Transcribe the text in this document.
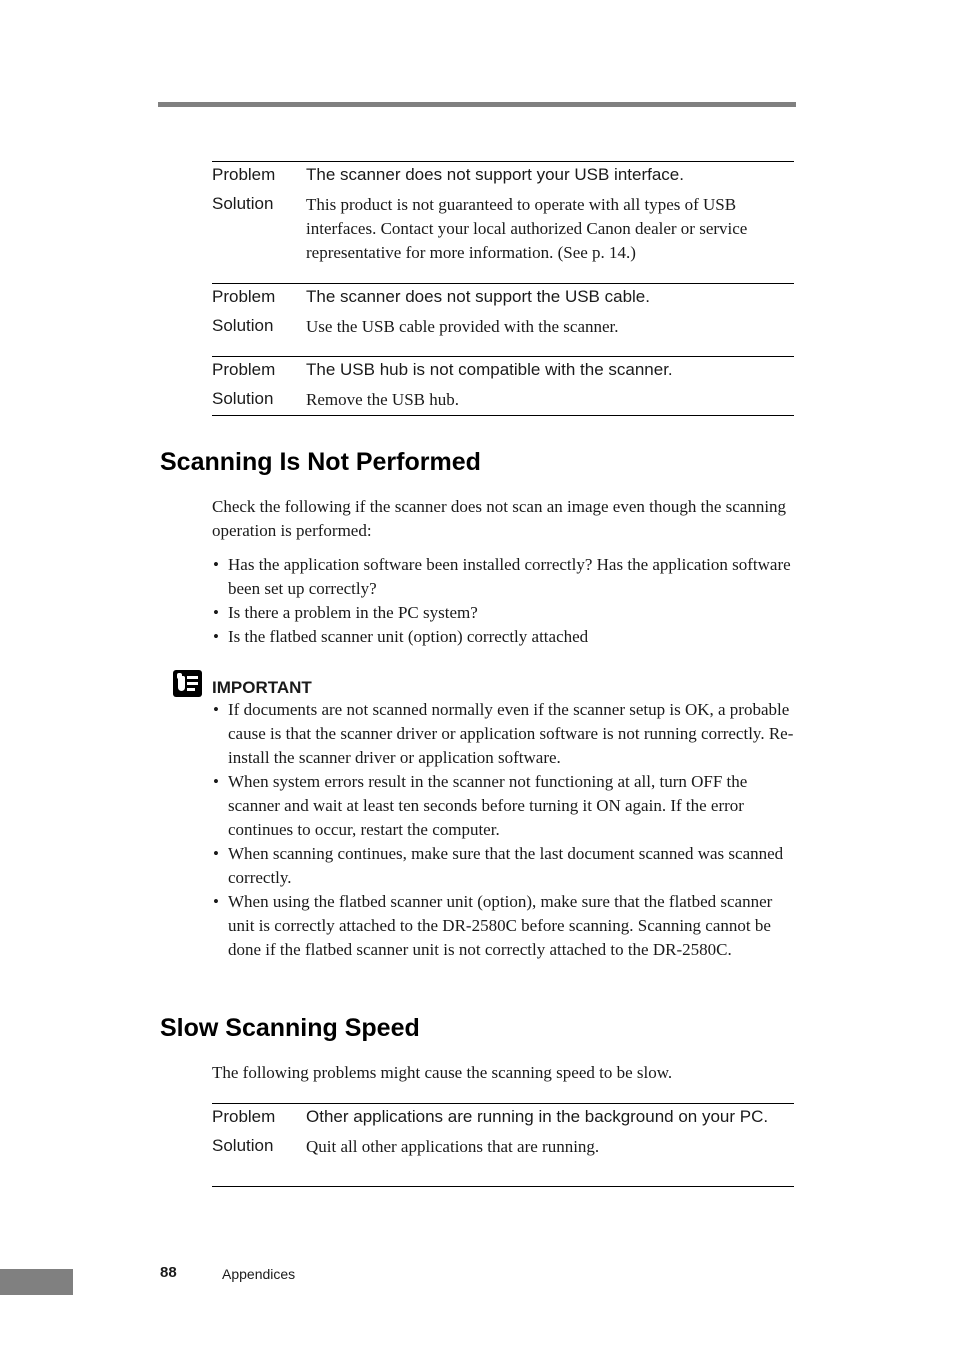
Problem	The scanner does not support your USB interface.
Solution	This product is not guaranteed to operate with all types of USB interfaces. Contact your local authorized Canon dealer or service representative for more information. (See p. 14.)
Problem	The scanner does not support the USB cable.
Solution	Use the USB cable provided with the scanner.
Problem	The USB hub is not compatible with the scanner.
Solution	Remove the USB hub.
Scanning Is Not Performed

Check the following if the scanner does not scan an image even though the scanning operation is performed:

• Has the application software been installed correctly? Has the application software been set up correctly?
• Is there a problem in the PC system?
• Is the flatbed scanner unit (option) correctly attached
IMPORTANT
• If documents are not scanned normally even if the scanner setup is OK, a probable cause is that the scanner driver or application software is not running correctly. Re-install the scanner driver or application software.
• When system errors result in the scanner not functioning at all, turn OFF the scanner and wait at least ten seconds before turning it ON again. If the error continues to occur, restart the computer.
• When scanning continues, make sure that the last document scanned was scanned correctly.
• When using the flatbed scanner unit (option), make sure that the flatbed scanner unit is correctly attached to the DR-2580C before scanning. Scanning cannot be done if the flatbed scanner unit is not correctly attached to the DR-2580C.
Slow Scanning Speed

The following problems might cause the scanning speed to be slow.

Problem	Other applications are running in the background on your PC.
Solution	Quit all other applications that are running.
88	Appendices
